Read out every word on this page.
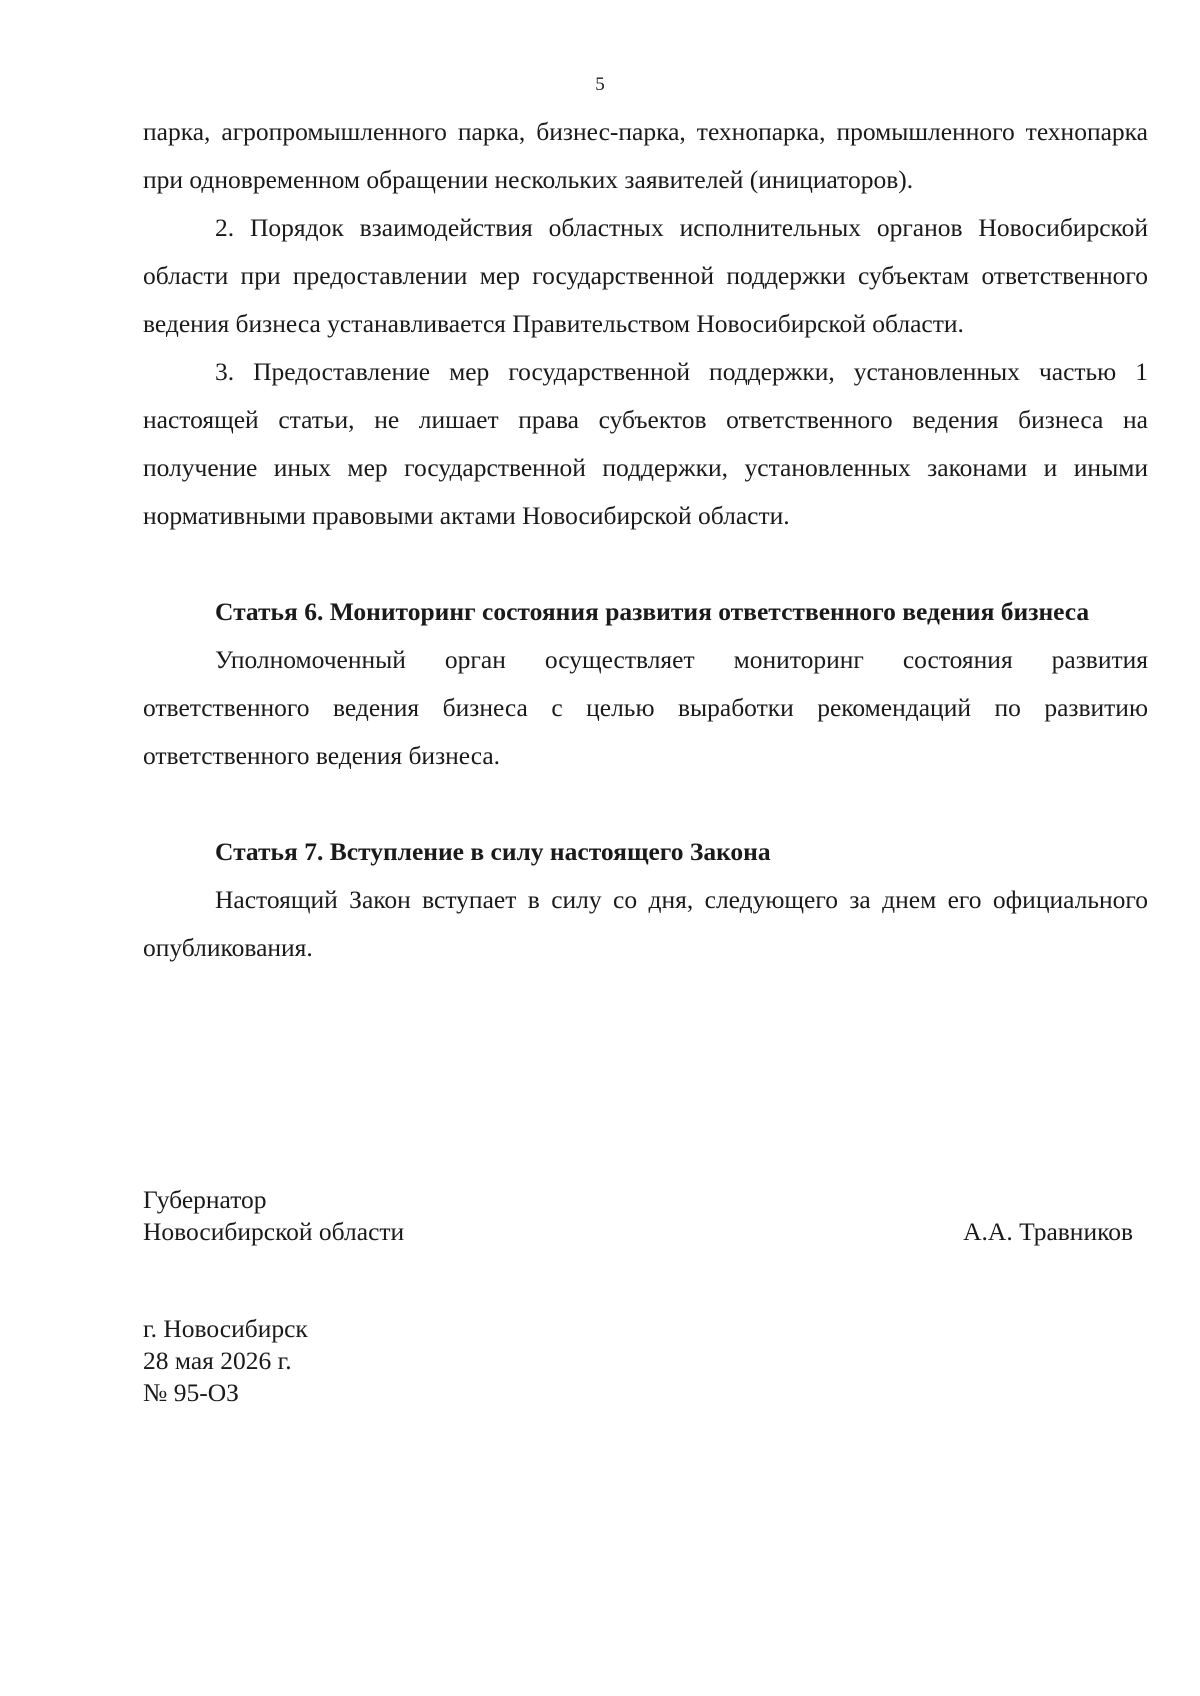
5

парка, агропромышленного парка, бизнес-парка, технопарка, промышленного технопарка при одновременном обращении нескольких заявителей (инициаторов).

2. Порядок взаимодействия областных исполнительных органов Новосибирской области при предоставлении мер государственной поддержки субъектам ответственного ведения бизнеса устанавливается Правительством Новосибирской области.

3. Предоставление мер государственной поддержки, установленных частью 1 настоящей статьи, не лишает права субъектов ответственного ведения бизнеса на получение иных мер государственной поддержки, установленных законами и иными нормативными правовыми актами Новосибирской области.

Статья 6. Мониторинг состояния развития ответственного ведения бизнеса

Уполномоченный орган осуществляет мониторинг состояния развития ответственного ведения бизнеса с целью выработки рекомендаций по развитию ответственного ведения бизнеса.

Статья 7. Вступление в силу настоящего Закона

Настоящий Закон вступает в силу со дня, следующего за днем его официального опубликования.

Губернатор
Новосибирской области	А.А. Травников
г. Новосибирск
28 мая 2026 г.
№ 95-ОЗ
